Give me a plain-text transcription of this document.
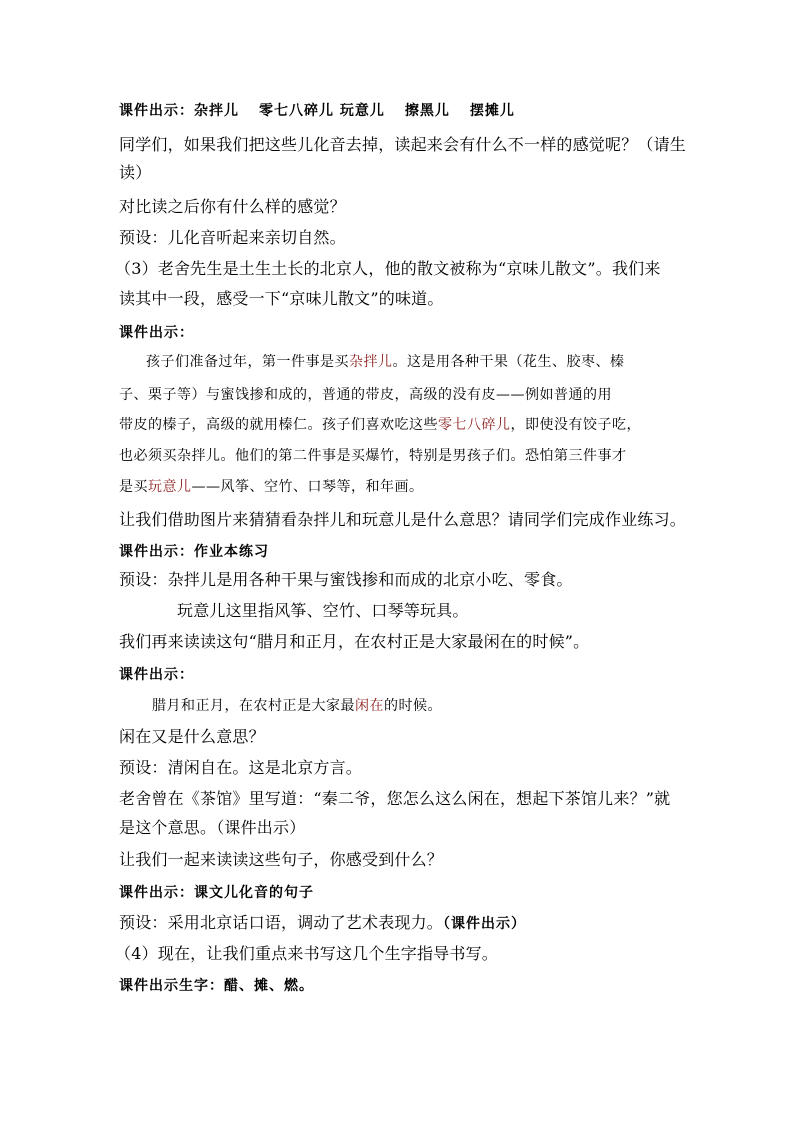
课件出示：杂拌儿 零七八碎儿 玩意儿 擦黑儿 摆摊儿
同学们，如果我们把这些儿化音去掉，读起来会有什么不一样的感觉呢？（请生
读）
对比读之后你有什么样的感觉？
预设：儿化音听起来亲切自然。
（3）老舍先生是土生土长的北京人，他的散文被称为“京味儿散文”。我们来
读其中一段，感受一下“京味儿散文”的味道。
课件出示：
孩子们准备过年，第一件事是买杂拌儿。这是用各种干果（花生、胶枣、榛
子、栗子等）与蜜饯掺和成的，普通的带皮，高级的没有皮——例如普通的用
带皮的榛子，高级的就用榛仁。孩子们喜欢吃这些零七八碎儿，即使没有饺子吃，
也必须买杂拌儿。他们的第二件事是买爆竹，特别是男孩子们。恐怕第三件事才
是买玩意儿——风筝、空竹、口琴等，和年画。
让我们借助图片来猜猜看杂拌儿和玩意儿是什么意思？请同学们完成作业练习。
课件出示：作业本练习
预设：杂拌儿是用各种干果与蜜饯掺和而成的北京小吃、零食。
玩意儿这里指风筝、空竹、口琴等玩具。
我们再来读读这句“腊月和正月，在农村正是大家最闲在的时候”。
课件出示：
腊月和正月，在农村正是大家最闲在的时候。
闲在又是什么意思？
预设：清闲自在。这是北京方言。
老舍曾在《茶馆》里写道：“秦二爷，您怎么这么闲在，想起下茶馆儿来？”就
是这个意思。（课件出示）
让我们一起来读读这些句子，你感受到什么？
课件出示：课文儿化音的句子
预设：采用北京话口语，调动了艺术表现力。（课件出示）
（4）现在，让我们重点来书写这几个生字指导书写。
课件出示生字：醋、摊、燃。
